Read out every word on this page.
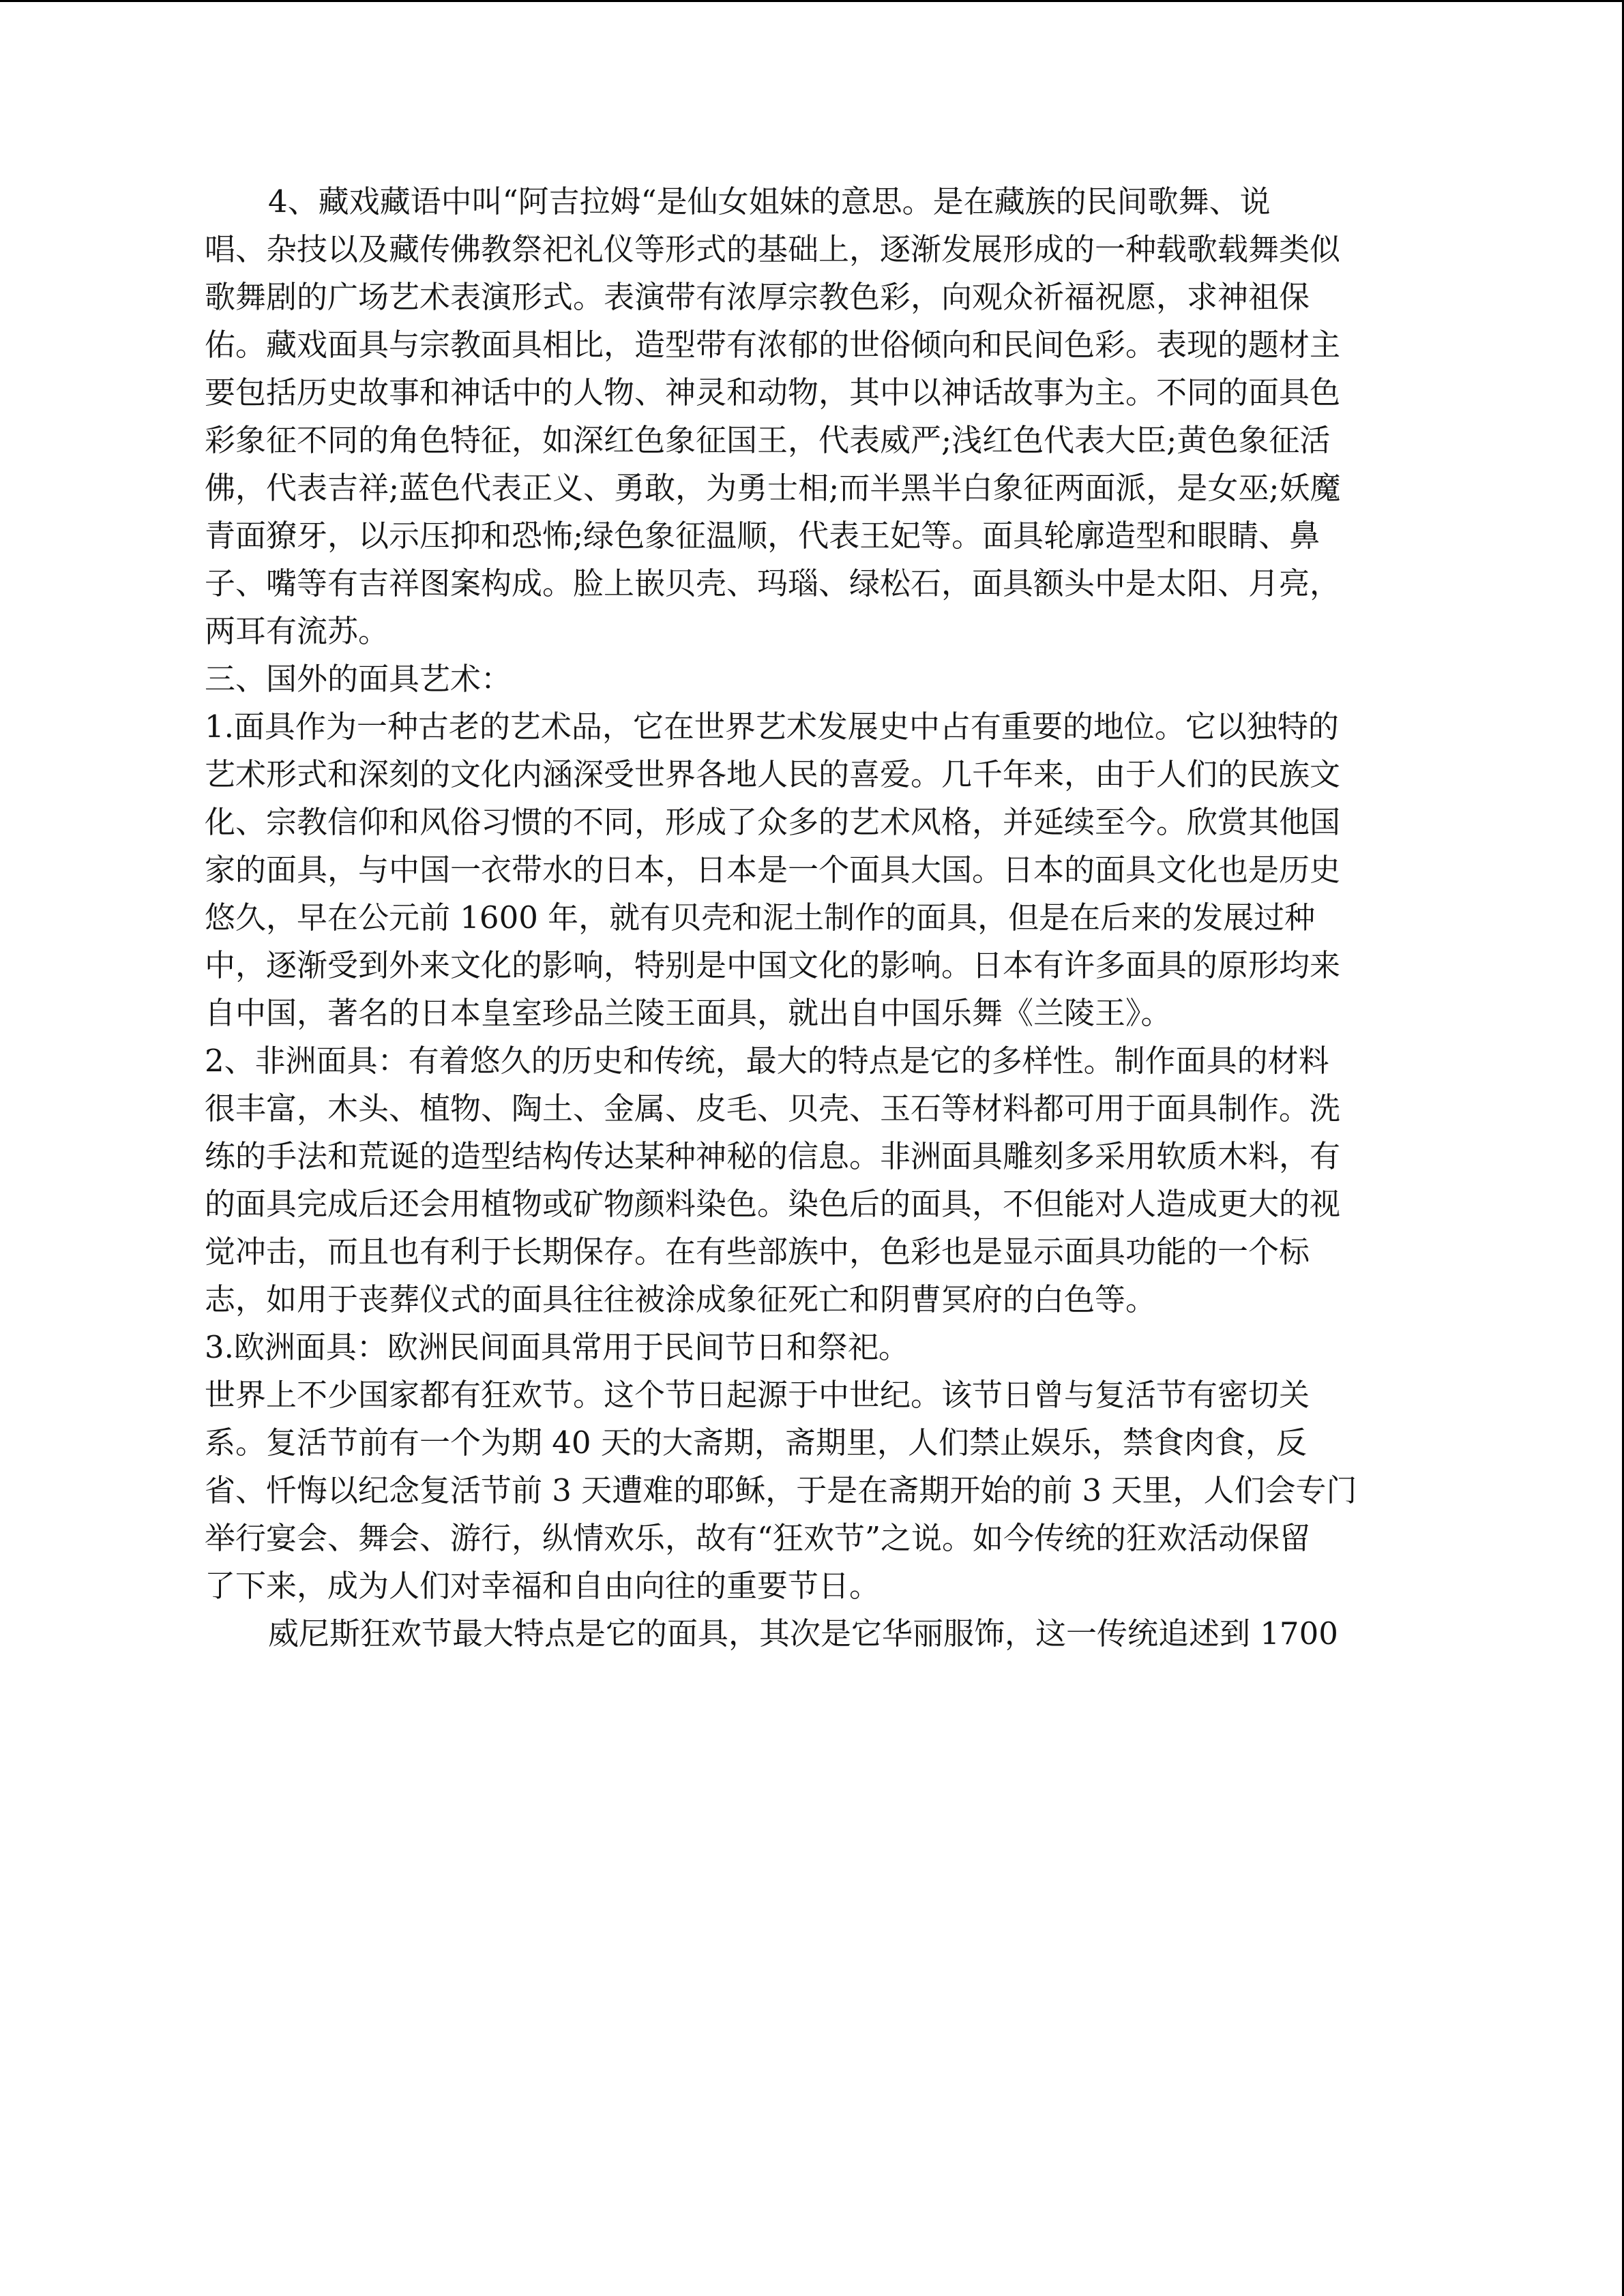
4、藏戏藏语中叫“阿吉拉姆“是仙女姐妹的意思。是在藏族的民间歌舞、说
唱、杂技以及藏传佛教祭祀礼仪等形式的基础上，逐渐发展形成的一种载歌载舞类似
歌舞剧的广场艺术表演形式。表演带有浓厚宗教色彩，向观众祈福祝愿，求神祖保
佑。藏戏面具与宗教面具相比，造型带有浓郁的世俗倾向和民间色彩。表现的题材主
要包括历史故事和神话中的人物、神灵和动物，其中以神话故事为主。不同的面具色
彩象征不同的角色特征，如深红色象征国王，代表威严;浅红色代表大臣;黄色象征活
佛，代表吉祥;蓝色代表正义、勇敢，为勇士相;而半黑半白象征两面派，是女巫;妖魔
青面獠牙，以示压抑和恐怖;绿色象征温顺，代表王妃等。面具轮廓造型和眼睛、鼻
子、嘴等有吉祥图案构成。脸上嵌贝壳、玛瑙、绿松石，面具额头中是太阳、月亮，
两耳有流苏。

三、国外的面具艺术：

1.面具作为一种古老的艺术品，它在世界艺术发展史中占有重要的地位。它以独特的
艺术形式和深刻的文化内涵深受世界各地人民的喜爱。几千年来，由于人们的民族文
化、宗教信仰和风俗习惯的不同，形成了众多的艺术风格，并延续至今。欣赏其他国
家的面具，与中国一衣带水的日本，日本是一个面具大国。日本的面具文化也是历史
悠久，早在公元前 1600 年，就有贝壳和泥土制作的面具，但是在后来的发展过种
中，逐渐受到外来文化的影响，特别是中国文化的影响。日本有许多面具的原形均来
自中国，著名的日本皇室珍品兰陵王面具，就出自中国乐舞《兰陵王》。

2、非洲面具：有着悠久的历史和传统，最大的特点是它的多样性。制作面具的材料
很丰富，木头、植物、陶土、金属、皮毛、贝壳、玉石等材料都可用于面具制作。洗
练的手法和荒诞的造型结构传达某种神秘的信息。非洲面具雕刻多采用软质木料，有
的面具完成后还会用植物或矿物颜料染色。染色后的面具，不但能对人造成更大的视
觉冲击，而且也有利于长期保存。在有些部族中，色彩也是显示面具功能的一个标
志，如用于丧葬仪式的面具往往被涂成象征死亡和阴曹冥府的白色等。

3.欧洲面具：欧洲民间面具常用于民间节日和祭祀。

世界上不少国家都有狂欢节。这个节日起源于中世纪。该节日曾与复活节有密切关
系。复活节前有一个为期 40 天的大斋期，斋期里，人们禁止娱乐，禁食肉食，反
省、忏悔以纪念复活节前 3 天遭难的耶稣，于是在斋期开始的前 3 天里，人们会专门
举行宴会、舞会、游行，纵情欢乐，故有“狂欢节”之说。如今传统的狂欢活动保留
了下来，成为人们对幸福和自由向往的重要节日。

威尼斯狂欢节最大特点是它的面具，其次是它华丽服饰，这一传统追述到 1700
